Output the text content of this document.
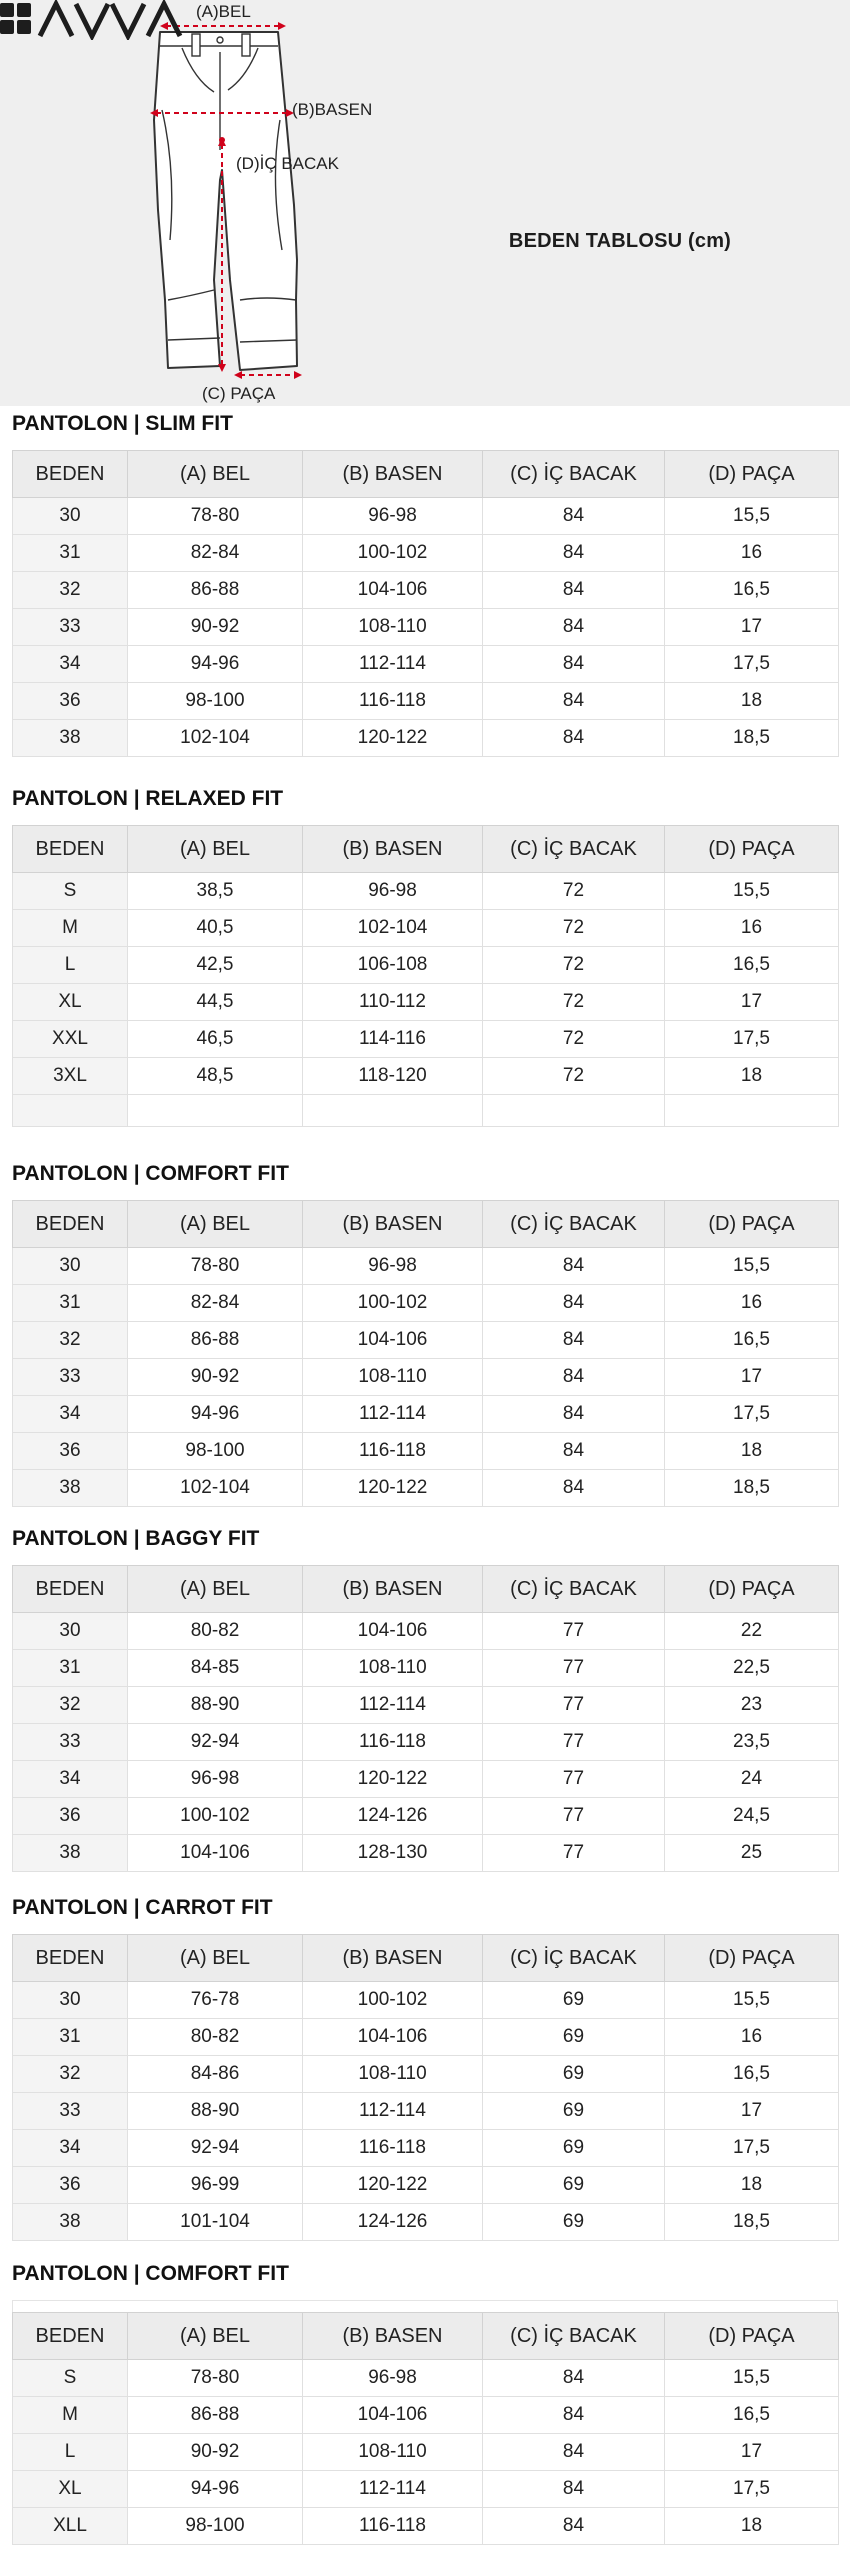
(A)BEL
(B)BASEN
(D)İÇ BACAK
(C) PAÇA
BEDEN TABLOSU (cm)
PANTOLON | SLIM FIT
BEDEN	(A) BEL	(B) BASEN	(C) İÇ BACAK	(D) PAÇA
30	78-80	96-98	84	15,5
31	82-84	100-102	84	16
32	86-88	104-106	84	16,5
33	90-92	108-110	84	17
34	94-96	112-114	84	17,5
36	98-100	116-118	84	18
38	102-104	120-122	84	18,5
PANTOLON | RELAXED FIT
BEDEN	(A) BEL	(B) BASEN	(C) İÇ BACAK	(D) PAÇA
S	38,5	96-98	72	15,5
M	40,5	102-104	72	16
L	42,5	106-108	72	16,5
XL	44,5	110-112	72	17
XXL	46,5	114-116	72	17,5
3XL	48,5	118-120	72	18

PANTOLON | COMFORT FIT
BEDEN	(A) BEL	(B) BASEN	(C) İÇ BACAK	(D) PAÇA
30	78-80	96-98	84	15,5
31	82-84	100-102	84	16
32	86-88	104-106	84	16,5
33	90-92	108-110	84	17
34	94-96	112-114	84	17,5
36	98-100	116-118	84	18
38	102-104	120-122	84	18,5
PANTOLON | BAGGY FIT
BEDEN	(A) BEL	(B) BASEN	(C) İÇ BACAK	(D) PAÇA
30	80-82	104-106	77	22
31	84-85	108-110	77	22,5
32	88-90	112-114	77	23
33	92-94	116-118	77	23,5
34	96-98	120-122	77	24
36	100-102	124-126	77	24,5
38	104-106	128-130	77	25
PANTOLON | CARROT FIT
BEDEN	(A) BEL	(B) BASEN	(C) İÇ BACAK	(D) PAÇA
30	76-78	100-102	69	15,5
31	80-82	104-106	69	16
32	84-86	108-110	69	16,5
33	88-90	112-114	69	17
34	92-94	116-118	69	17,5
36	96-99	120-122	69	18
38	101-104	124-126	69	18,5
PANTOLON | COMFORT FIT
BEDEN	(A) BEL	(B) BASEN	(C) İÇ BACAK	(D) PAÇA
S	78-80	96-98	84	15,5
M	86-88	104-106	84	16,5
L	90-92	108-110	84	17
XL	94-96	112-114	84	17,5
XLL	98-100	116-118	84	18
